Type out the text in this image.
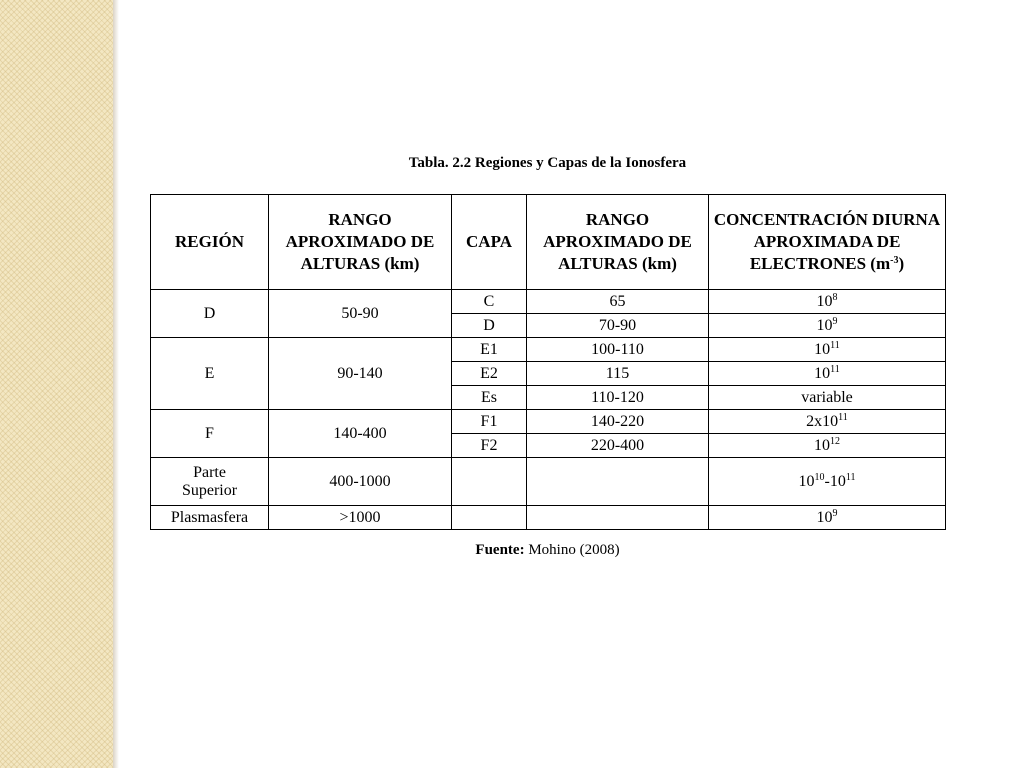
Tabla. 2.2 Regiones y Capas de la Ionosfera
REGIÓN	RANGO APROXIMADO DE ALTURAS (km)	CAPA	RANGO APROXIMADO DE ALTURAS (km)	CONCENTRACIÓN DIURNA APROXIMADA DE ELECTRONES $(m^{-3})$
D	50-90	C	65	$10^8$
		D	70-90	$10^9$
E	90-140	E1	100-110	$10^{11}$
		E2	115	$10^{11}$
		Es	110-120	variable
F	140-400	F1	140-220	$2x10^{11}$
		F2	220-400	$10^{12}$
Parte
Superior	400-1000			$10^{10}-10^{11}$
Plasmasfera	>1000			$10^9$
Fuente: Mohino (2008)
